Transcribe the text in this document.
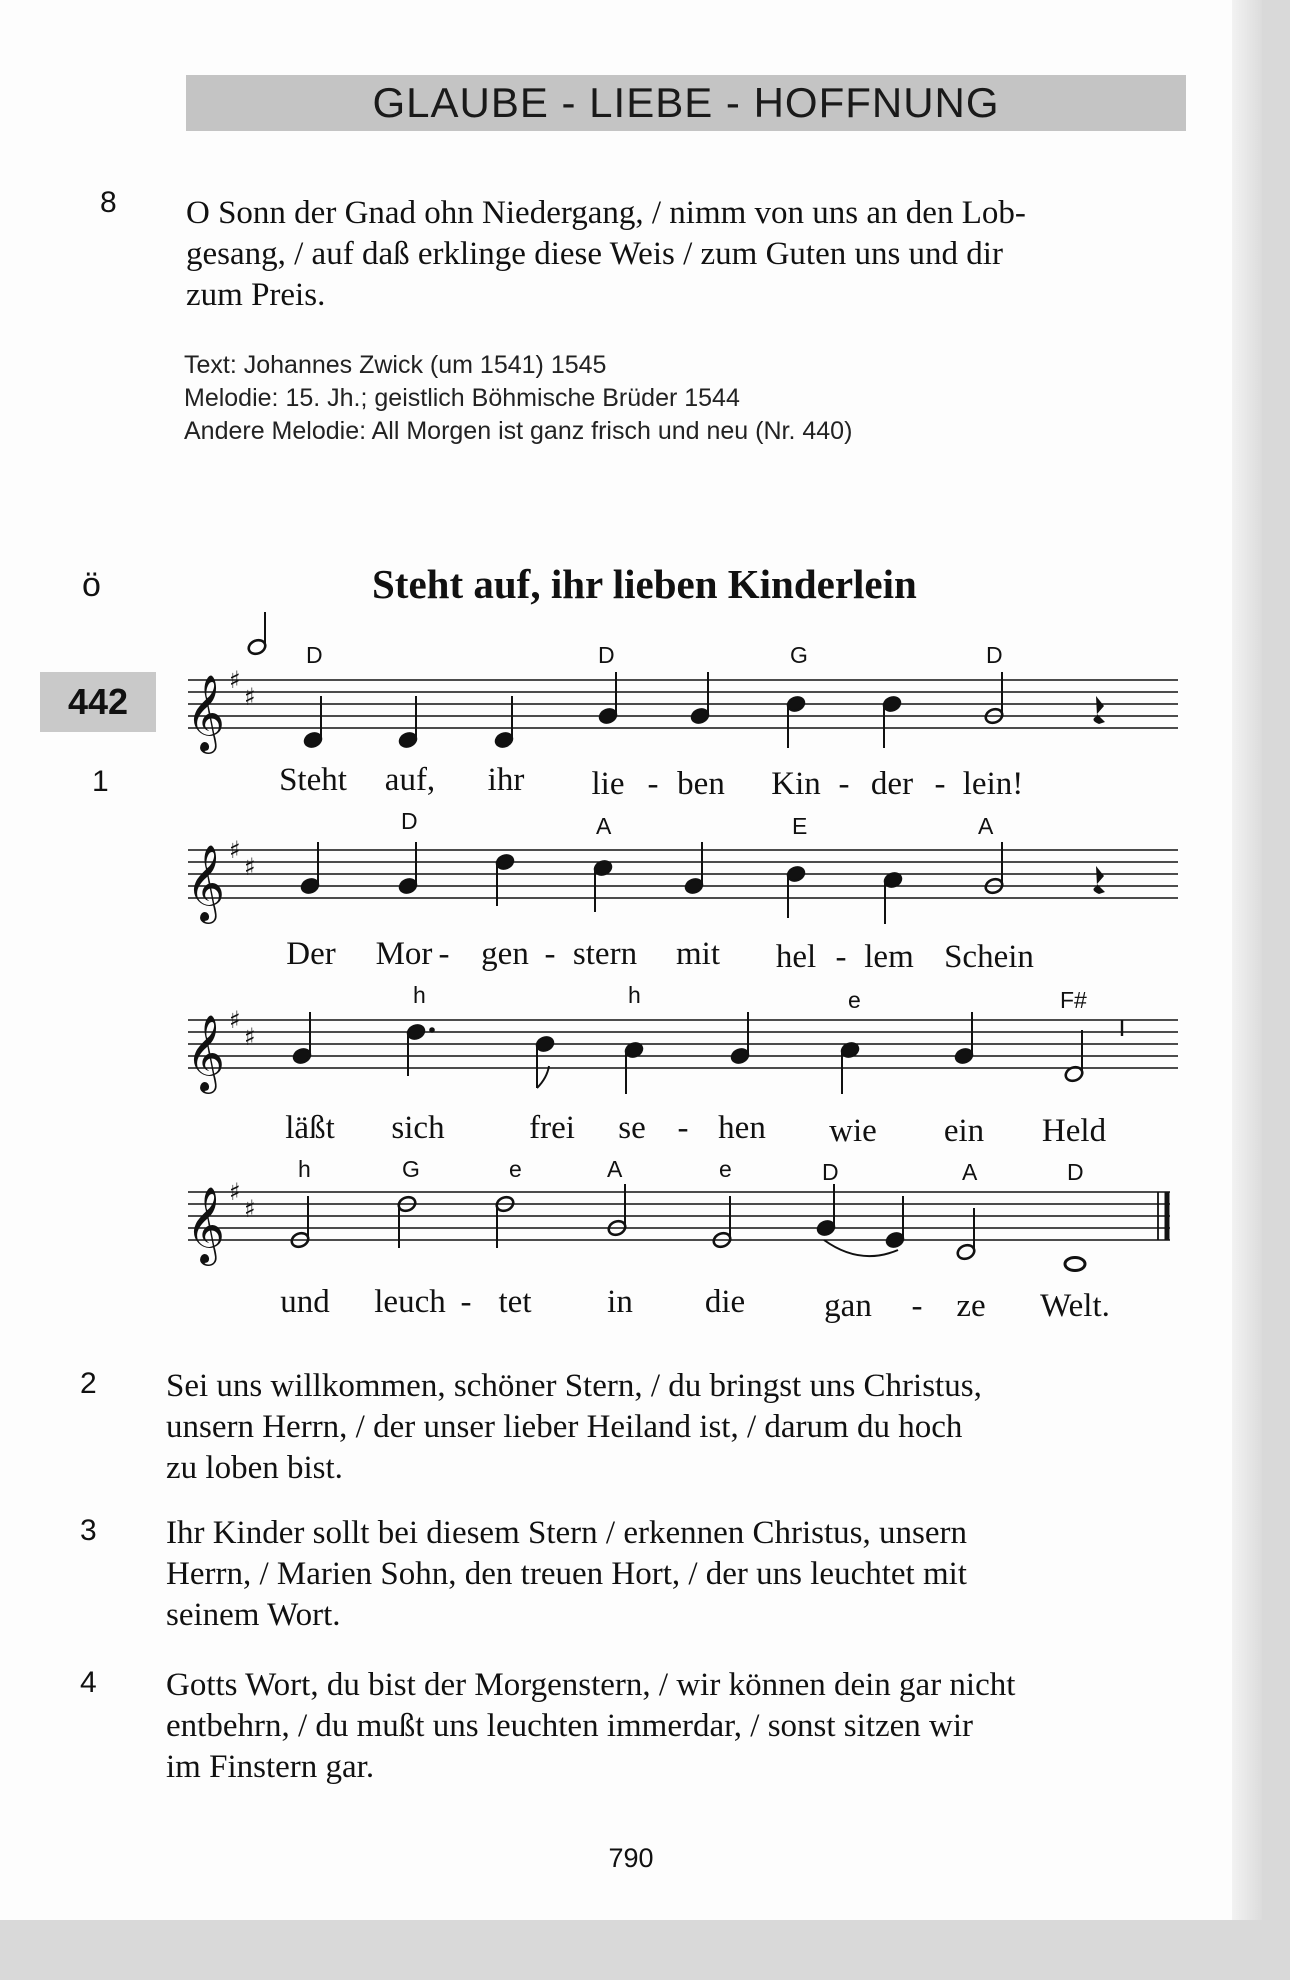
GLAUBE - LIEBE - HOFFNUNG
8 O Sonn der Gnad ohn Niedergang, / nimm von uns an den Lob-
gesang, / auf daß erklinge diese Weis / zum Guten uns und dir
zum Preis.
Text: Johannes Zwick (um 1541) 1545
Melodie: 15. Jh.; geistlich Böhmische Brüder 1544
Andere Melodie: All Morgen ist ganz frisch und neu (Nr. 440)
ö	Steht auf, ihr lieben Kinderlein
442
1
𝄞
𝄞
𝄞
𝄞
♯
♯
♯
♯
♯
♯
♯
♯
D	D	G	D
D	A	E	A
h	h	e	F#
h	G	e	A	e	D	A	D
Steht auf, ihr lie - ben Kin - der - lein!
Der Mor - gen - stern mit hel - lem Schein
läßt sich	frei se - hen wie ein Held
und leuch - tet in die gan - ze Welt.
2 Sei uns willkommen, schöner Stern, / du bringst uns Christus,
unsern Herrn, / der unser lieber Heiland ist, / darum du hoch
zu loben bist.
3 Ihr Kinder sollt bei diesem Stern / erkennen Christus, unsern
Herrn, / Marien Sohn, den treuen Hort, / der uns leuchtet mit
seinem Wort.
4 Gotts Wort, du bist der Morgenstern, / wir können dein gar nicht
entbehrn, / du mußt uns leuchten immerdar, / sonst sitzen wir
im Finstern gar.
790
